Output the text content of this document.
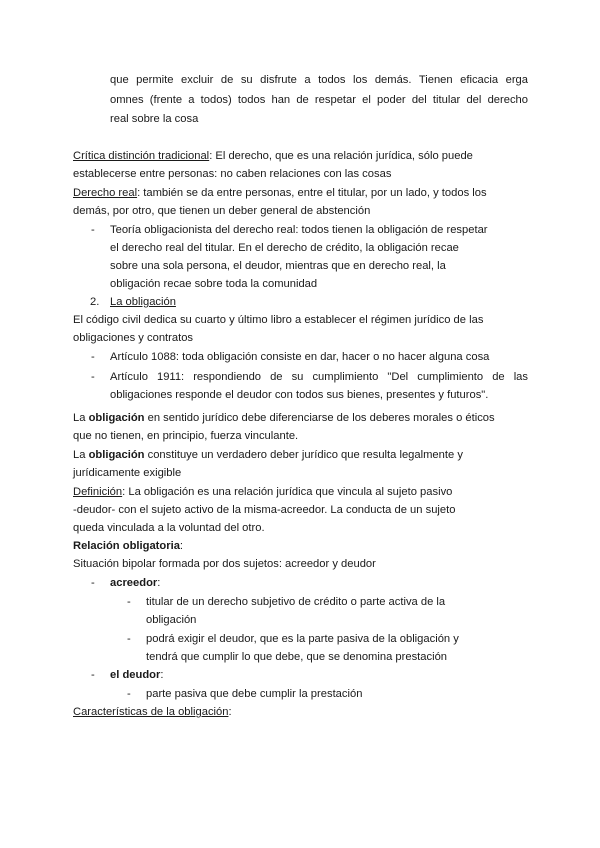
que permite excluir de su disfrute a todos los demás. Tienen eficacia erga
omnes (frente a todos) todos han de respetar el poder del titular del derecho
real sobre la cosa
Crítica distinción tradicional: El derecho, que es una relación jurídica, sólo puede
establecerse entre personas: no caben relaciones con las cosas
Derecho real: también se da entre personas, entre el titular, por un lado, y todos los
demás, por otro, que tienen un deber general de abstención
- Teoría obligacionista del derecho real: todos tienen la obligación de respetar
el derecho real del titular. En el derecho de crédito, la obligación recae
sobre una sola persona, el deudor, mientras que en derecho real, la
obligación recae sobre toda la comunidad
2. La obligación
El código civil dedica su cuarto y último libro a establecer el régimen jurídico de las
obligaciones y contratos
- Artículo 1088: toda obligación consiste en dar, hacer o no hacer alguna cosa
- Artículo 1911: respondiendo de su cumplimiento "Del cumplimiento de las
obligaciones responde el deudor con todos sus bienes, presentes y futuros".
La obligación en sentido jurídico debe diferenciarse de los deberes morales o éticos
que no tienen, en principio, fuerza vinculante.
La obligación constituye un verdadero deber jurídico que resulta legalmente y
jurídicamente exigible
Definición: La obligación es una relación jurídica que vincula al sujeto pasivo
-deudor- con el sujeto activo de la misma-acreedor. La conducta de un sujeto
queda vinculada a la voluntad del otro.
Relación obligatoria:
Situación bipolar formada por dos sujetos: acreedor y deudor
- acreedor:
- titular de un derecho subjetivo de crédito o parte activa de la
obligación
- podrá exigir el deudor, que es la parte pasiva de la obligación y
tendrá que cumplir lo que debe, que se denomina prestación
- el deudor:
- parte pasiva que debe cumplir la prestación
Características de la obligación:
